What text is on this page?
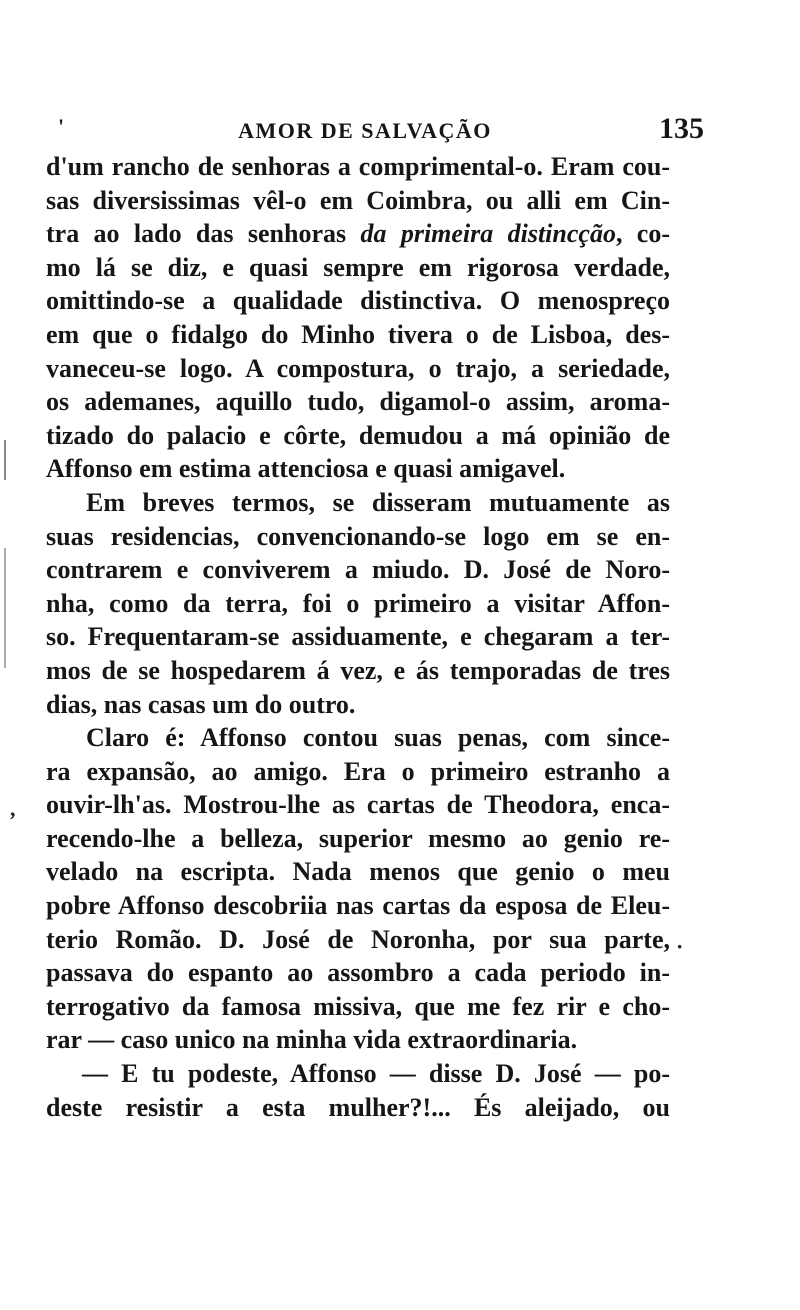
'	AMOR DE SALVAÇÃO	135
,
·
d'um rancho de senhoras a comprimental-o. Eram cou-
sas diversissimas vêl-o em Coimbra, ou alli em Cin-
tra ao lado das senhoras da primeira distincção, co-
mo lá se diz, e quasi sempre em rigorosa verdade,
omittindo-se a qualidade distinctiva. O menospreço
em que o fidalgo do Minho tivera o de Lisboa, des-
vaneceu-se logo. A compostura, o trajo, a seriedade,
os ademanes, aquillo tudo, digamol-o assim, aroma-
tizado do palacio e côrte, demudou a má opinião de
Affonso em estima attenciosa e quasi amigavel.
Em breves termos, se disseram mutuamente as
suas residencias, convencionando-se logo em se en-
contrarem e conviverem a miudo. D. José de Noro-
nha, como da terra, foi o primeiro a visitar Affon-
so. Frequentaram-se assiduamente, e chegaram a ter-
mos de se hospedarem á vez, e ás temporadas de tres
dias, nas casas um do outro.
Claro é: Affonso contou suas penas, com since-
ra expansão, ao amigo. Era o primeiro estranho a
ouvir-lh'as. Mostrou-lhe as cartas de Theodora, enca-
recendo-lhe a belleza, superior mesmo ao genio re-
velado na escripta. Nada menos que genio o meu
pobre Affonso descobriia nas cartas da esposa de Eleu-
terio Romão. D. José de Noronha, por sua parte,
passava do espanto ao assombro a cada periodo in-
terrogativo da famosa missiva, que me fez rir e cho-
rar — caso unico na minha vida extraordinaria.
— E tu podeste, Affonso — disse D. José — po-
deste resistir a esta mulher?!... És aleijado, ou
